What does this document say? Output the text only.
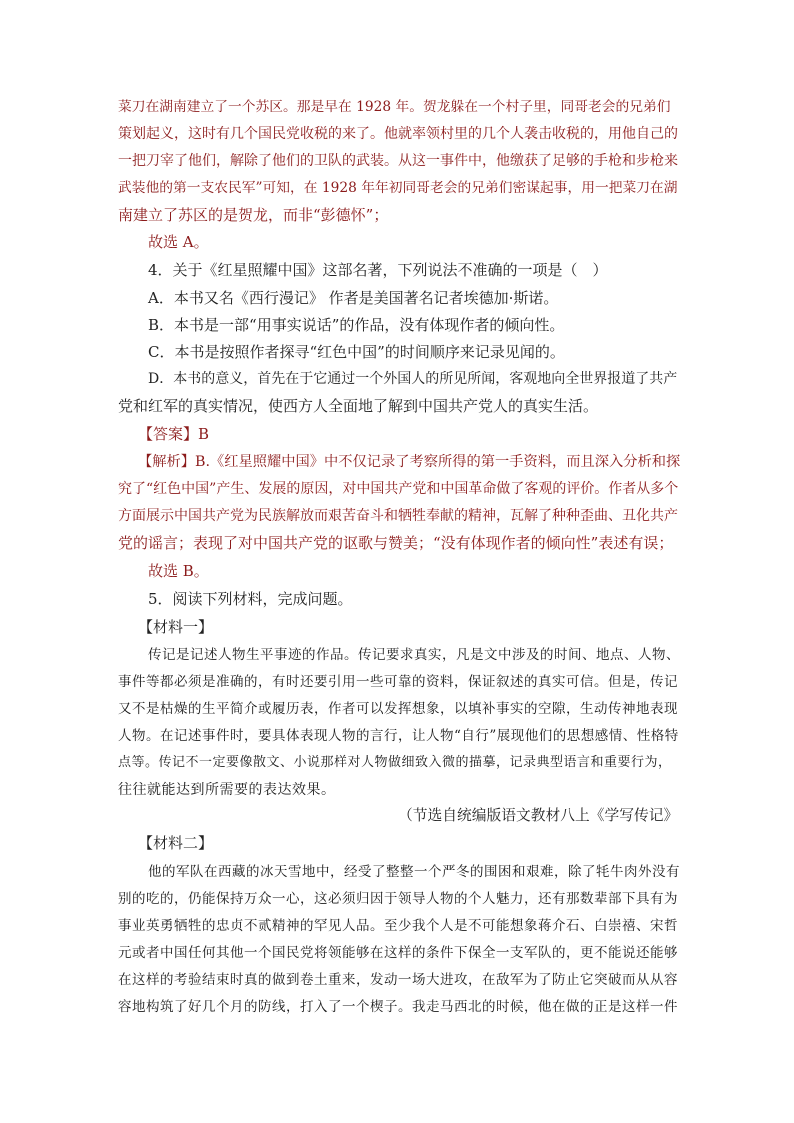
菜刀在湖南建立了一个苏区。那是早在 1928 年。贺龙躲在一个村子里，同哥老会的兄弟们
策划起义，这时有几个国民党收税的来了。他就率领村里的几个人袭击收税的，用他自己的
一把刀宰了他们，解除了他们的卫队的武装。从这一事件中，他缴获了足够的手枪和步枪来
武装他的第一支农民军”可知，在 1928 年年初同哥老会的兄弟们密谋起事，用一把菜刀在湖
南建立了苏区的是贺龙，而非“彭德怀”；
故选 A。
4．关于《红星照耀中国》这部名著，下列说法不准确的一项是（　）
A．本书又名《西行漫记》 作者是美国著名记者埃德加·斯诺。
B．本书是一部“用事实说话”的作品，没有体现作者的倾向性。
C．本书是按照作者探寻“红色中国”的时间顺序来记录见闻的。
D．本书的意义，首先在于它通过一个外国人的所见所闻，客观地向全世界报道了共产
党和红军的真实情况，使西方人全面地了解到中国共产党人的真实生活。
【答案】B
【解析】B.《红星照耀中国》中不仅记录了考察所得的第一手资料，而且深入分析和探
究了“红色中国”产生、发展的原因，对中国共产党和中国革命做了客观的评价。作者从多个
方面展示中国共产党为民族解放而艰苦奋斗和牺牲奉献的精神，瓦解了种种歪曲、丑化共产
党的谣言；表现了对中国共产党的讴歌与赞美；“没有体现作者的倾向性”表述有误；
故选 B。
5．阅读下列材料，完成问题。
【材料一】
传记是记述人物生平事迹的作品。传记要求真实，凡是文中涉及的时间、地点、人物、
事件等都必须是准确的，有时还要引用一些可靠的资料，保证叙述的真实可信。但是，传记
又不是枯燥的生平简介或履历表，作者可以发挥想象，以填补事实的空隙，生动传神地表现
人物。在记述事件时，要具体表现人物的言行，让人物“自行”展现他们的思想感情、性格特
点等。传记不一定要像散文、小说那样对人物做细致入微的描摹，记录典型语言和重要行为，
往往就能达到所需要的表达效果。
（节选自统编版语文教材八上《学写传记》
【材料二】
他的军队在西藏的冰天雪地中，经受了整整一个严冬的围困和艰难，除了牦牛肉外没有
别的吃的，仍能保持万众一心，这必须归因于领导人物的个人魅力，还有那数辈部下具有为
事业英勇牺牲的忠贞不贰精神的罕见人品。至少我个人是不可能想象蒋介石、白崇禧、宋哲
元或者中国任何其他一个国民党将领能够在这样的条件下保全一支军队的，更不能说还能够
在这样的考验结束时真的做到卷土重来，发动一场大进攻，在敌军为了防止它突破而从从容
容地构筑了好几个月的防线，打入了一个楔子。我走马西北的时候，他在做的正是这样一件
